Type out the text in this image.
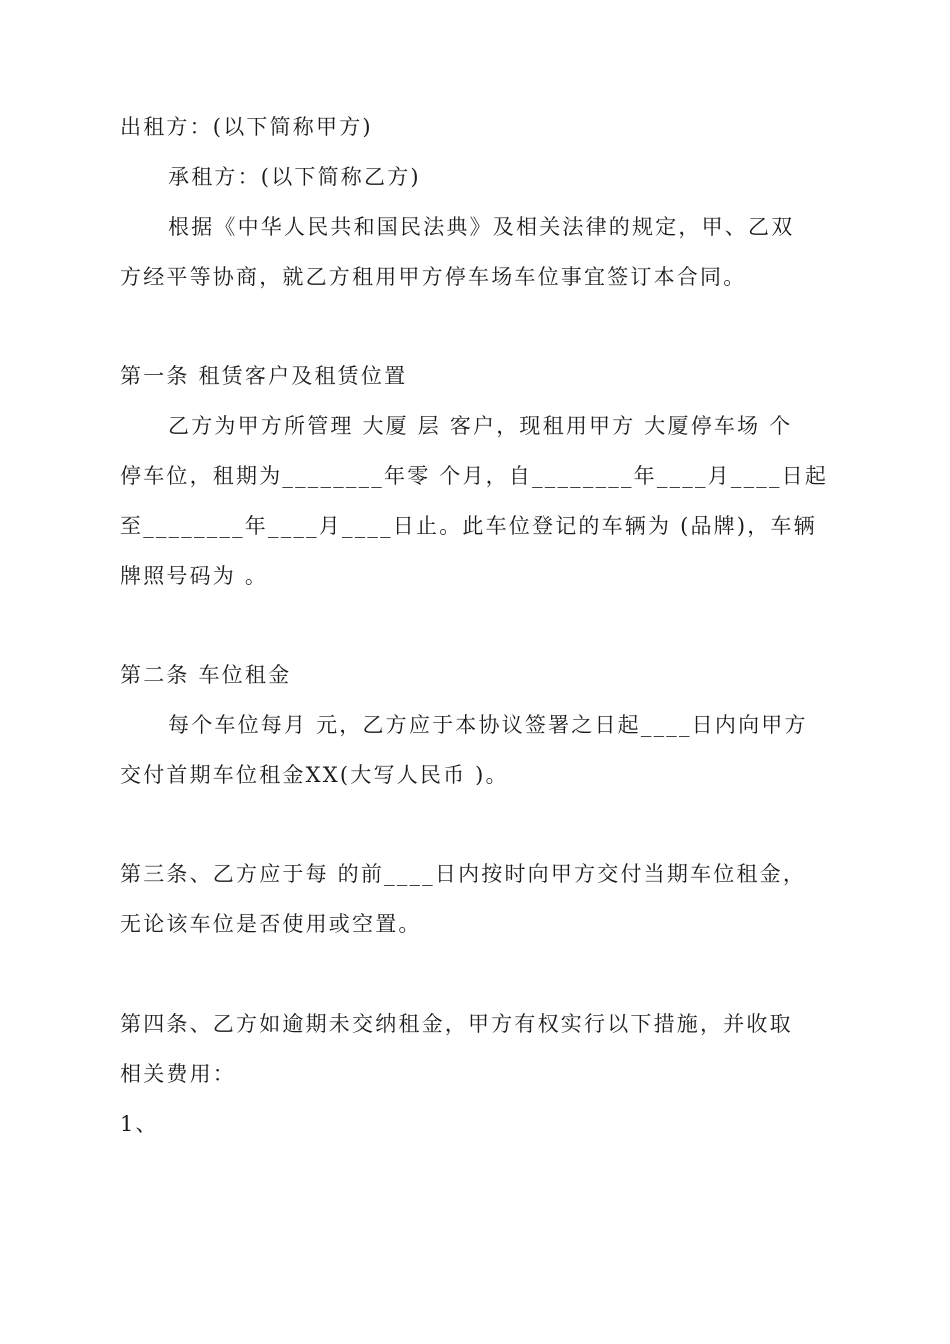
出租方：(以下简称甲方)
承租方：(以下简称乙方)
根据《中华人民共和国民法典》及相关法律的规定，甲、乙双
方经平等协商，就乙方租用甲方停车场车位事宜签订本合同。
第一条 租赁客户及租赁位置
乙方为甲方所管理 大厦 层 客户，现租用甲方 大厦停车场 个
停车位，租期为________年零 个月，自________年____月____日起
至________年____月____日止。此车位登记的车辆为 (品牌)，车辆
牌照号码为 。
第二条 车位租金
每个车位每月 元，乙方应于本协议签署之日起____日内向甲方
交付首期车位租金XX(大写人民币 )。
第三条、乙方应于每 的前____日内按时向甲方交付当期车位租金，
无论该车位是否使用或空置。
第四条、乙方如逾期未交纳租金，甲方有权实行以下措施，并收取
相关费用：
1、
